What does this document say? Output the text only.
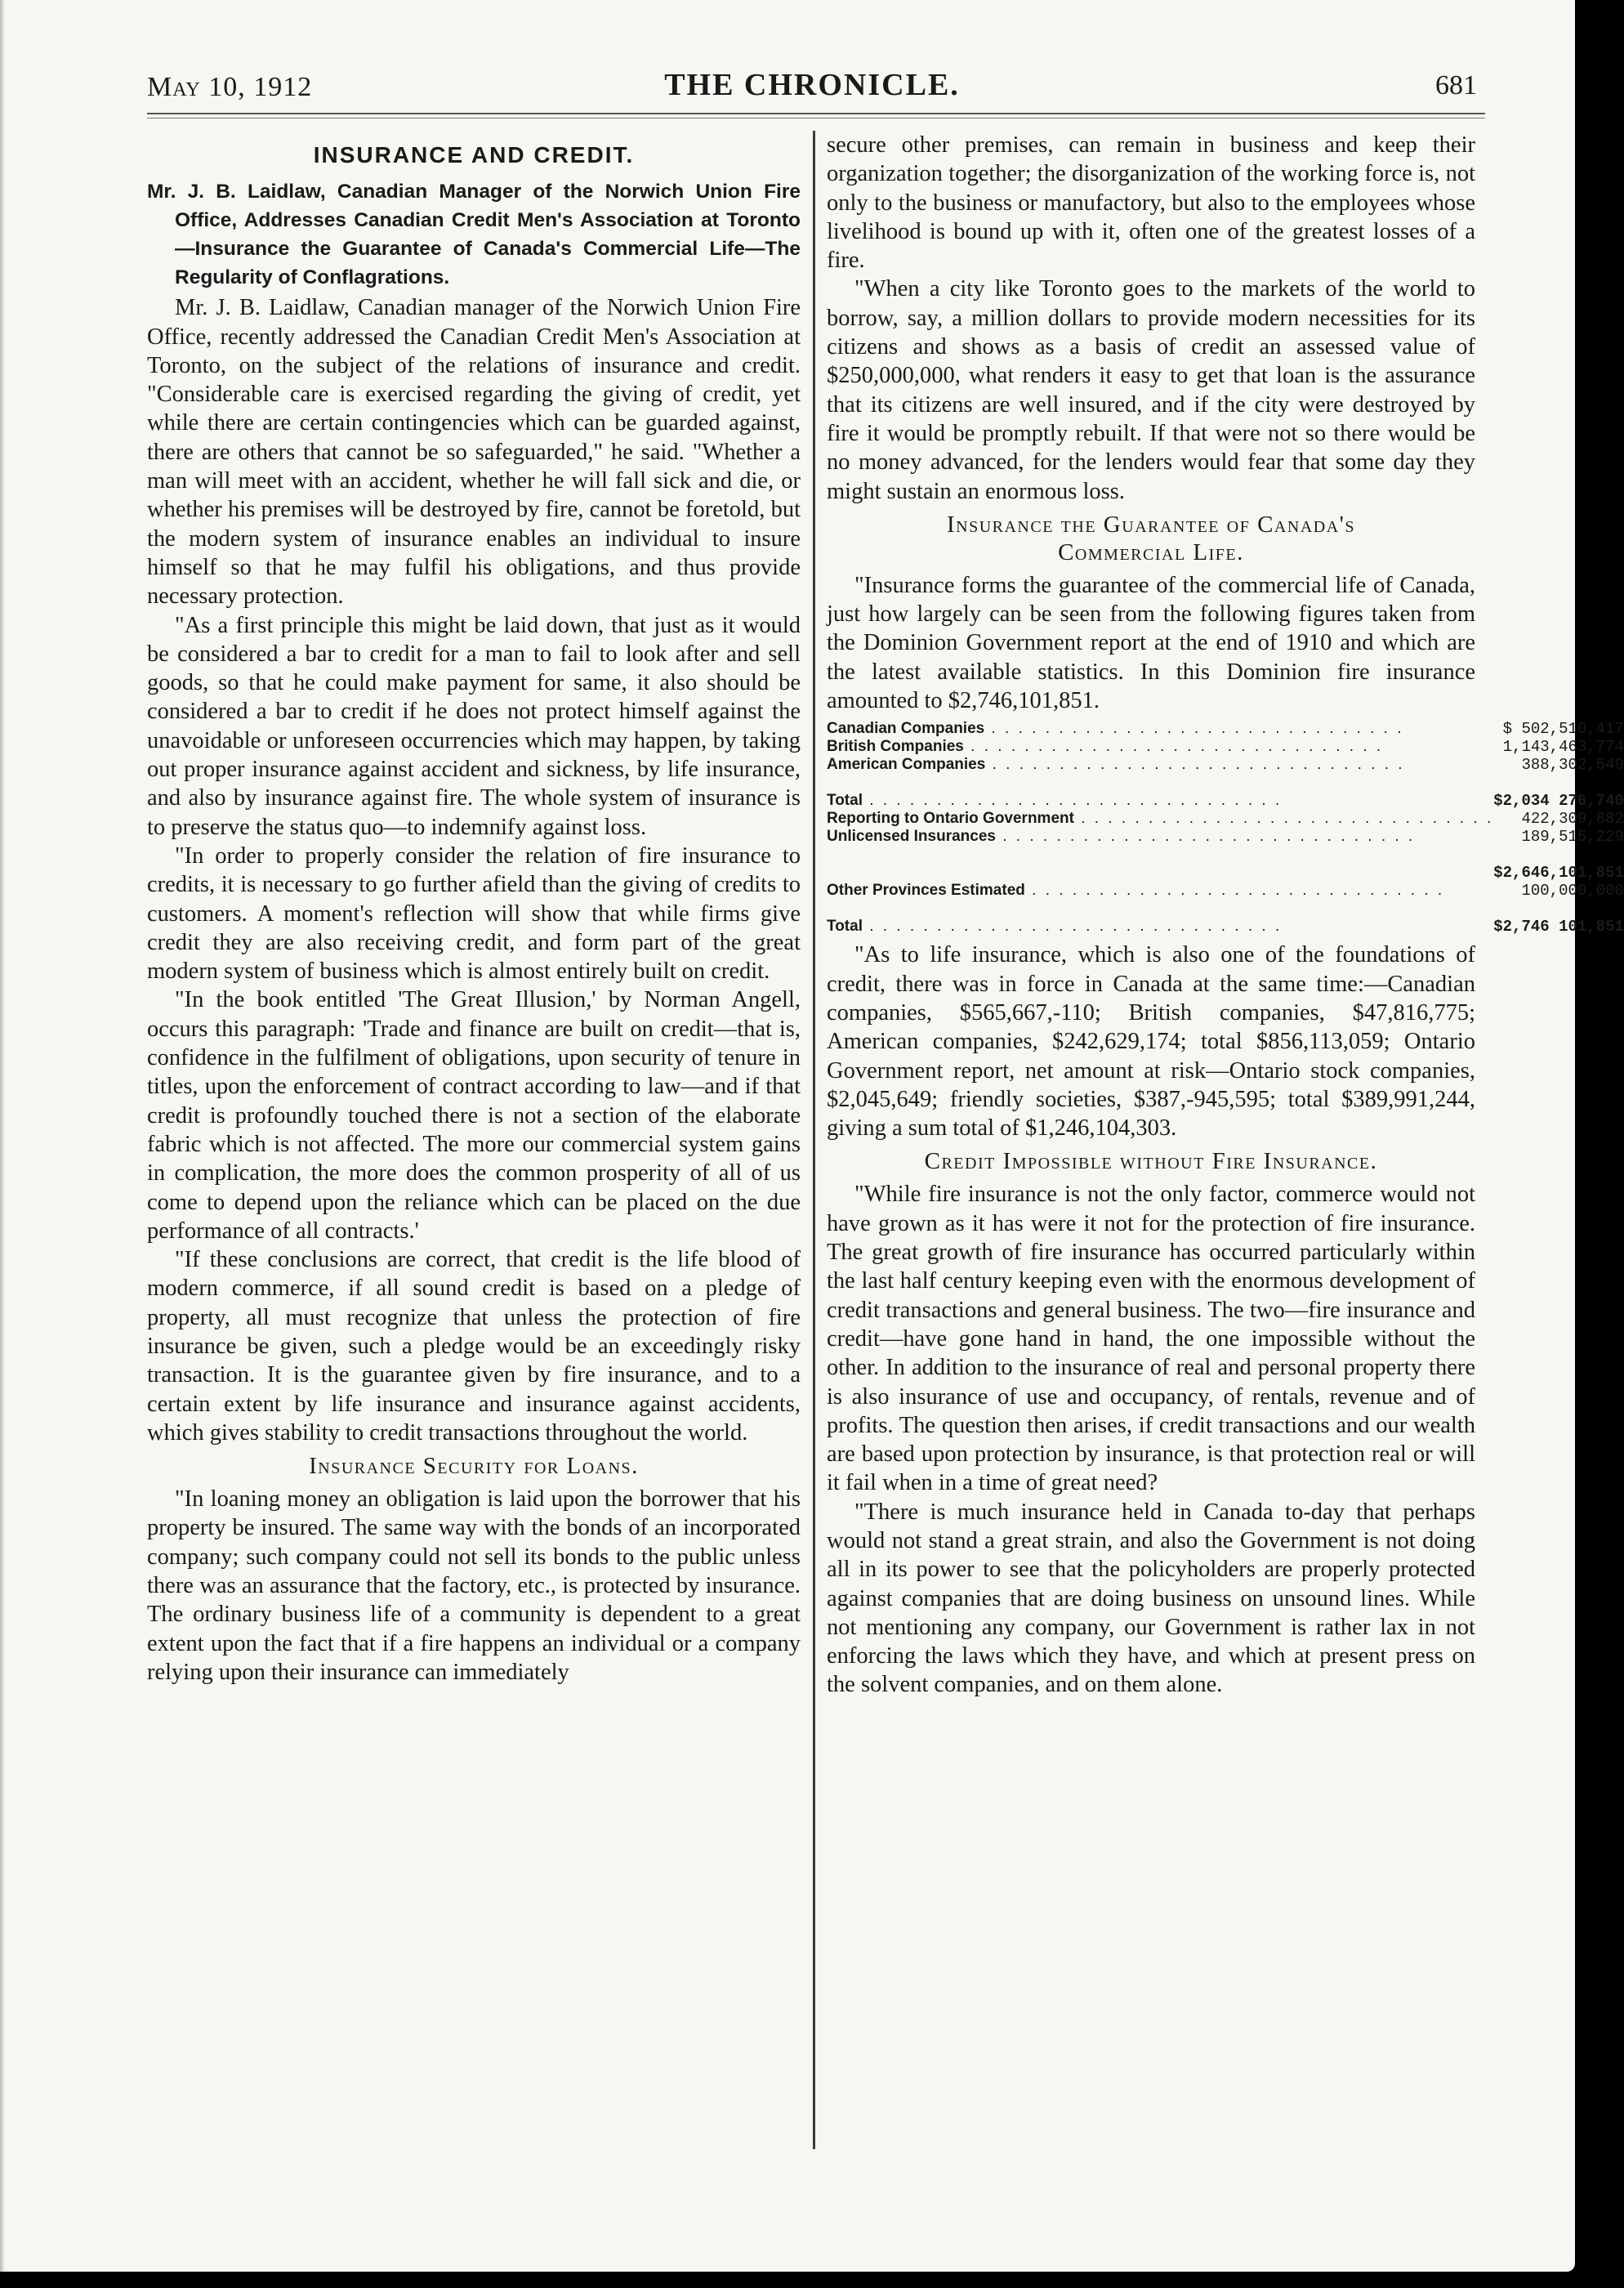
May 10, 1912	THE CHRONICLE.	681
INSURANCE AND CREDIT.
Mr. J. B. Laidlaw, Canadian Manager of the Norwich Union Fire Office, Addresses Canadian Credit Men's Association at Toronto—Insurance the Guarantee of Canada's Commercial Life—The Regularity of Conflagrations.

Mr. J. B. Laidlaw, Canadian manager of the Norwich Union Fire Office, recently addressed the Canadian Credit Men's Association at Toronto, on the subject of the relations of insurance and credit. "Considerable care is exercised regarding the giving of credit, yet while there are certain contingencies which can be guarded against, there are others that cannot be so safeguarded," he said. "Whether a man will meet with an accident, whether he will fall sick and die, or whether his premises will be destroyed by fire, cannot be foretold, but the modern system of insurance enables an individual to insure himself so that he may fulfil his obligations, and thus provide necessary protection.

"As a first principle this might be laid down, that just as it would be considered a bar to credit for a man to fail to look after and sell goods, so that he could make payment for same, it also should be considered a bar to credit if he does not protect himself against the unavoidable or unforeseen occurrencies which may happen, by taking out proper insurance against accident and sickness, by life insurance, and also by insurance against fire. The whole system of insurance is to preserve the status quo—to indemnify against loss.

"In order to properly consider the relation of fire insurance to credits, it is necessary to go further afield than the giving of credits to customers. A moment's reflection will show that while firms give credit they are also receiving credit, and form part of the great modern system of business which is almost entirely built on credit.

"In the book entitled 'The Great Illusion,' by Norman Angell, occurs this paragraph: 'Trade and finance are built on credit—that is, confidence in the fulfilment of obligations, upon security of tenure in titles, upon the enforcement of contract according to law—and if that credit is profoundly touched there is not a section of the elaborate fabric which is not affected. The more our commercial system gains in complication, the more does the common prosperity of all of us come to depend upon the reliance which can be placed on the due performance of all contracts.'

"If these conclusions are correct, that credit is the life blood of modern commerce, if all sound credit is based on a pledge of property, all must recognize that unless the protection of fire insurance be given, such a pledge would be an exceedingly risky transaction. It is the guarantee given by fire insurance, and to a certain extent by life insurance and insurance against accidents, which gives stability to credit transactions throughout the world.

Insurance Security for Loans.

"In loaning money an obligation is laid upon the borrower that his property be insured. The same way with the bonds of an incorporated company; such company could not sell its bonds to the public unless there was an assurance that the factory, etc., is protected by insurance. The ordinary business life of a community is dependent to a great extent upon the fact that if a fire happens an individual or a company relying upon their insurance can immediately

secure other premises, can remain in business and keep their organization together; the disorganization of the working force is, not only to the business or manufactory, but also to the employees whose livelihood is bound up with it, often one of the greatest losses of a fire.

"When a city like Toronto goes to the markets of the world to borrow, say, a million dollars to provide modern necessities for its citizens and shows as a basis of credit an assessed value of $250,000,000, what renders it easy to get that loan is the assurance that its citizens are well insured, and if the city were destroyed by fire it would be promptly rebuilt. If that were not so there would be no money advanced, for the lenders would fear that some day they might sustain an enormous loss.

Insurance the Guarantee of Canada's
Commercial Life.

"Insurance forms the guarantee of the commercial life of Canada, just how largely can be seen from the following figures taken from the Dominion Government report at the end of 1910 and which are the latest available statistics. In this Dominion fire insurance amounted to $2,746,101,851.

Canadian Companies . . . . . . . . . . . . . . . . . . . . . . . . . . . . . . .	$ 502,510,417
British Companies . . . . . . . . . . . . . . . . . . . . . . . . . . . . . . .	1,143,463,774
American Companies . . . . . . . . . . . . . . . . . . . . . . . . . . . . . . .	388,302,549

Total . . . . . . . . . . . . . . . . . . . . . . . . . . . . . . .	$2,034 276,740
Reporting to Ontario Government . . . . . . . . . . . . . . . . . . . . . . . . . . . . . . .	422,309,882
Unlicensed Insurances . . . . . . . . . . . . . . . . . . . . . . . . . . . . . . .	189,515,229

	$2,646,101,851
Other Provinces Estimated . . . . . . . . . . . . . . . . . . . . . . . . . . . . . . .	100,000,000

Total . . . . . . . . . . . . . . . . . . . . . . . . . . . . . . .	$2,746 101,851

"As to life insurance, which is also one of the foundations of credit, there was in force in Canada at the same time:—Canadian companies, $565,667,-110; British companies, $47,816,775; American companies, $242,629,174; total $856,113,059; Ontario Government report, net amount at risk—Ontario stock companies, $2,045,649; friendly societies, $387,-945,595; total $389,991,244, giving a sum total of $1,246,104,303.

Credit Impossible without Fire Insurance.

"While fire insurance is not the only factor, commerce would not have grown as it has were it not for the protection of fire insurance. The great growth of fire insurance has occurred particularly within the last half century keeping even with the enormous development of credit transactions and general business. The two—fire insurance and credit—have gone hand in hand, the one impossible without the other. In addition to the insurance of real and personal property there is also insurance of use and occupancy, of rentals, revenue and of profits. The question then arises, if credit transactions and our wealth are based upon protection by insurance, is that protection real or will it fail when in a time of great need?

"There is much insurance held in Canada to-day that perhaps would not stand a great strain, and also the Government is not doing all in its power to see that the policyholders are properly protected against companies that are doing business on unsound lines. While not mentioning any company, our Government is rather lax in not enforcing the laws which they have, and which at present press on the solvent companies, and on them alone.
